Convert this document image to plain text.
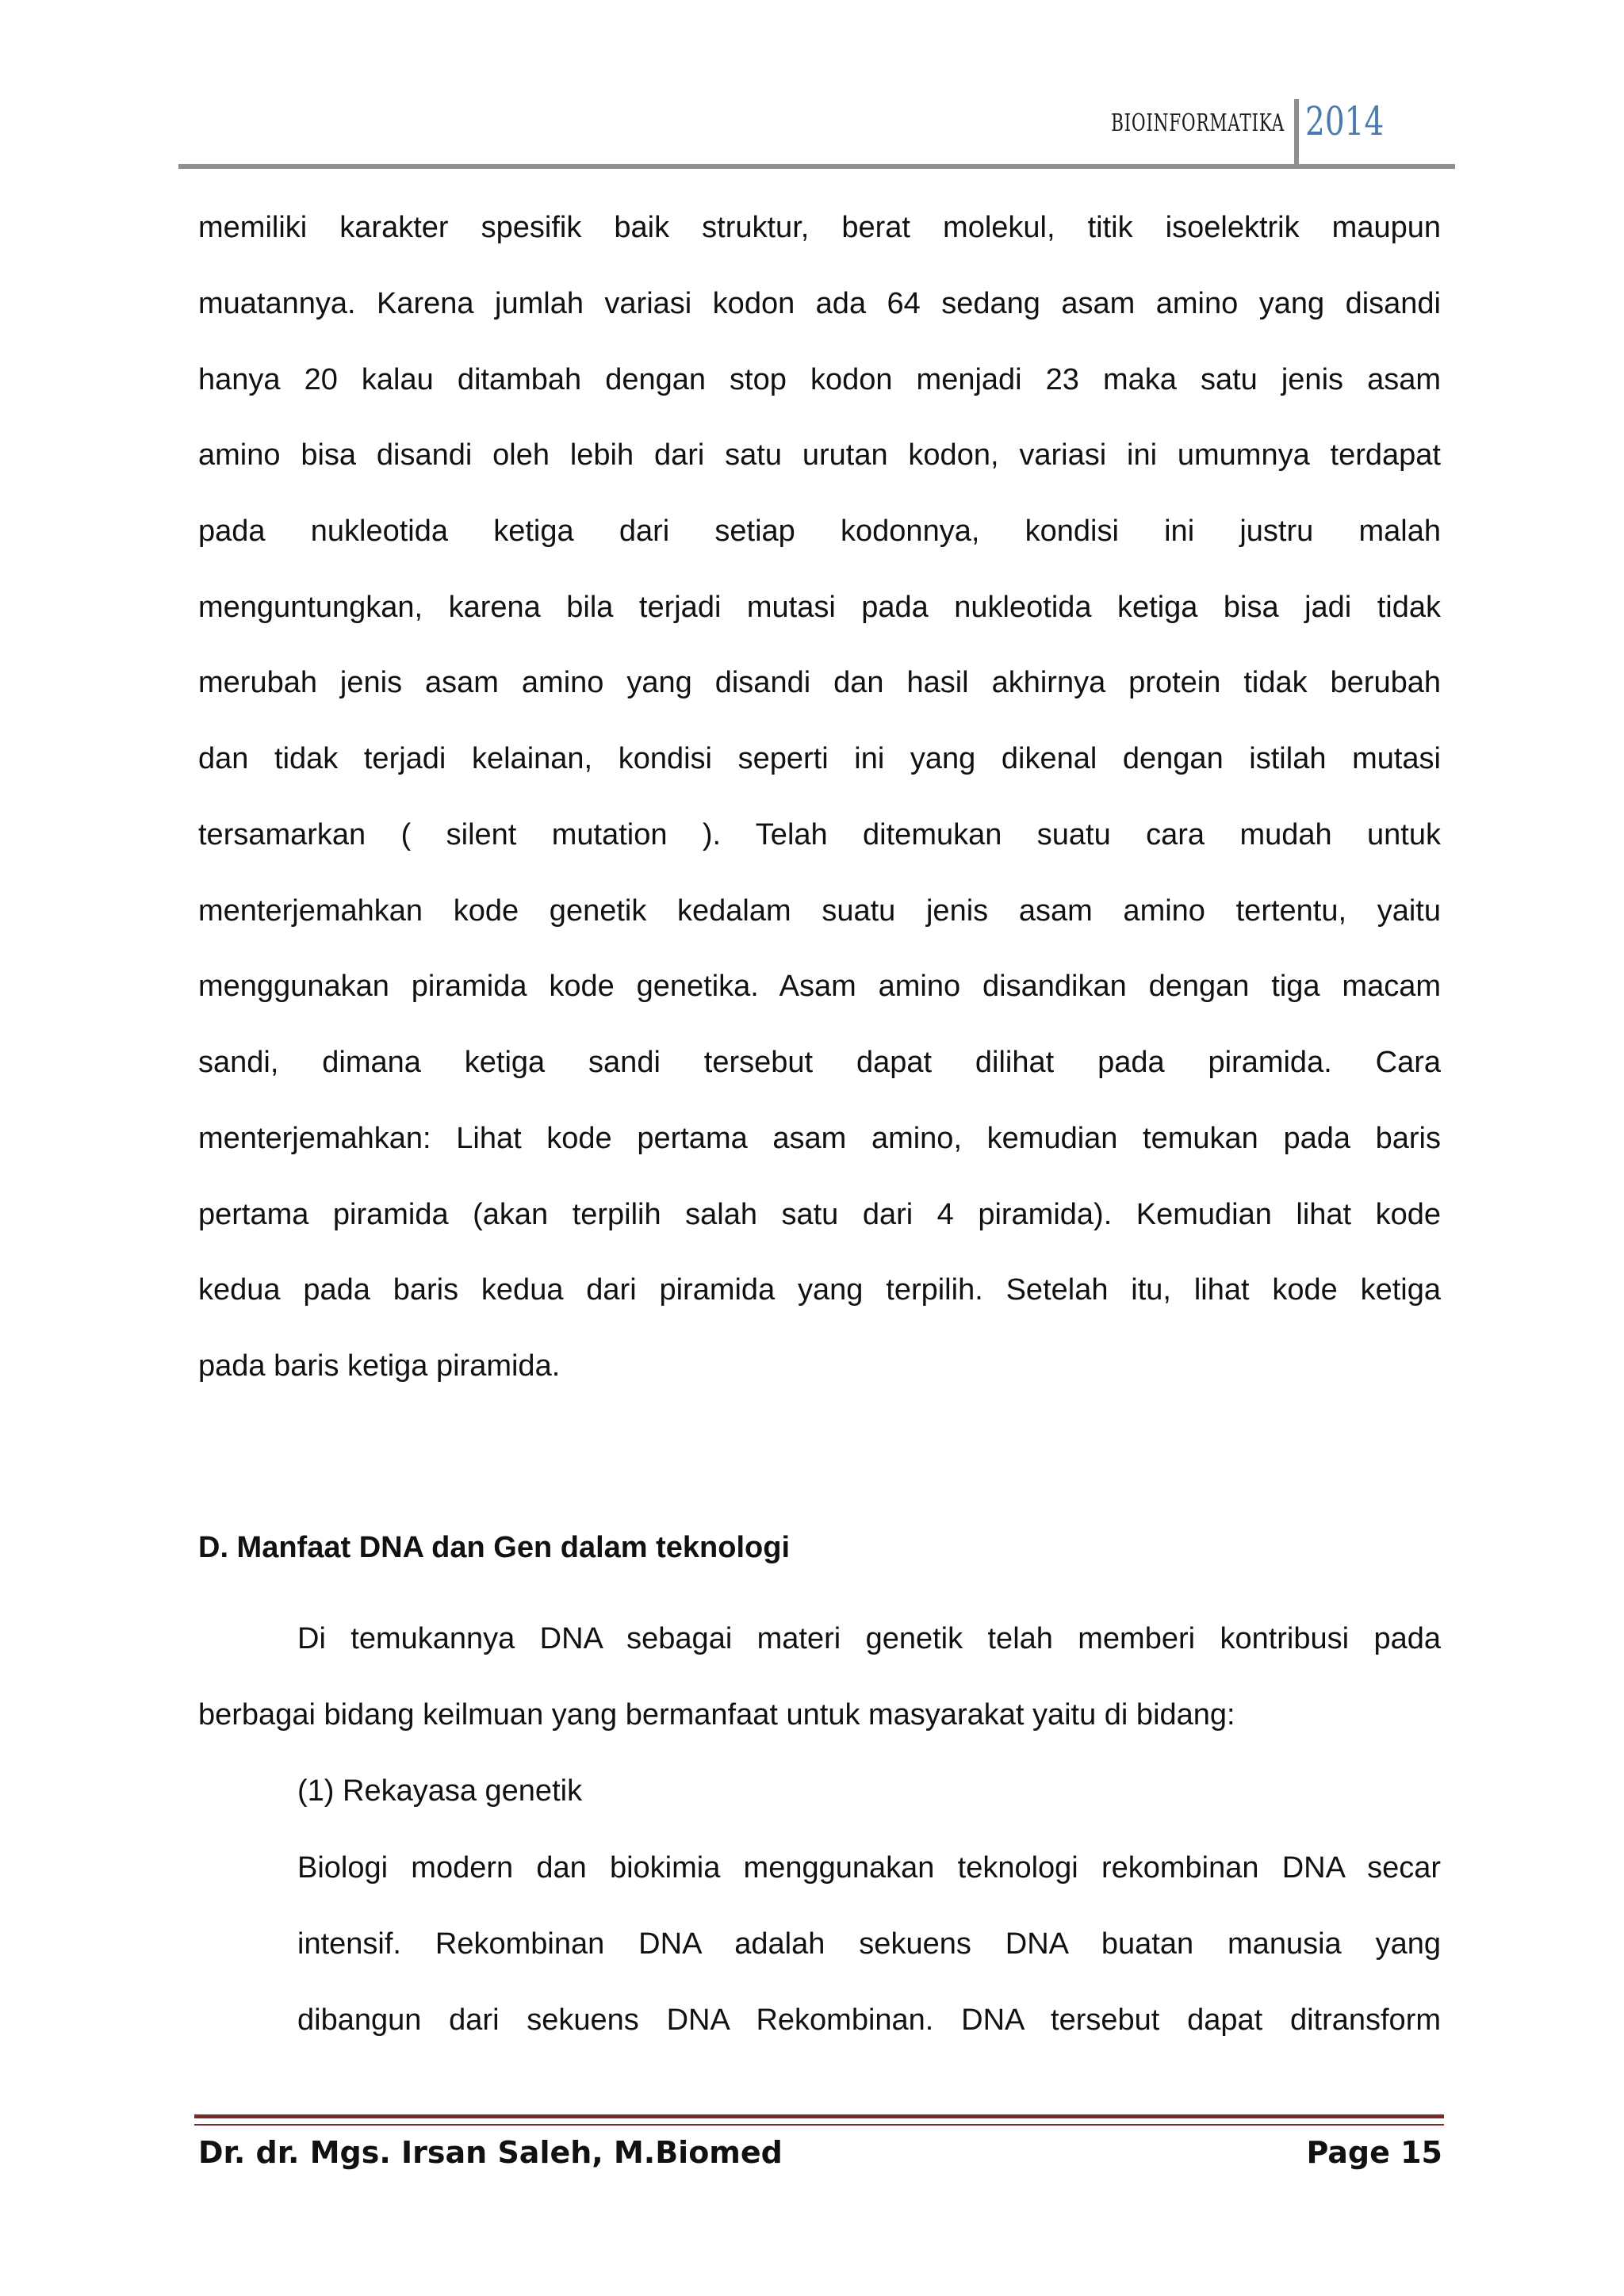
BIOINFORMATIKA 2014
memiliki karakter spesifik baik struktur, berat molekul, titik isoelektrik maupun
muatannya. Karena jumlah variasi kodon ada 64 sedang asam amino yang disandi
hanya 20 kalau ditambah dengan stop kodon menjadi 23 maka satu jenis asam
amino bisa disandi oleh lebih dari satu urutan kodon, variasi ini umumnya terdapat
pada nukleotida ketiga dari setiap kodonnya, kondisi ini justru malah
menguntungkan, karena bila terjadi mutasi pada nukleotida ketiga bisa jadi tidak
merubah jenis asam amino yang disandi dan hasil akhirnya protein tidak berubah
dan tidak terjadi kelainan, kondisi seperti ini yang dikenal dengan istilah mutasi
tersamarkan ( silent mutation ). Telah ditemukan suatu cara mudah untuk
menterjemahkan kode genetik kedalam suatu jenis asam amino tertentu, yaitu
menggunakan piramida kode genetika. Asam amino disandikan dengan tiga macam
sandi, dimana ketiga sandi tersebut dapat dilihat pada piramida. Cara
menterjemahkan: Lihat kode pertama asam amino, kemudian temukan pada baris
pertama piramida (akan terpilih salah satu dari 4 piramida). Kemudian lihat kode
kedua pada baris kedua dari piramida yang terpilih. Setelah itu, lihat kode ketiga
pada baris ketiga piramida.
Di temukannya DNA sebagai materi genetik telah memberi kontribusi pada
berbagai bidang keilmuan yang bermanfaat untuk masyarakat yaitu di bidang:
(1) Rekayasa genetik
Biologi modern dan biokimia menggunakan teknologi rekombinan DNA secar
intensif. Rekombinan DNA adalah sekuens DNA buatan manusia yang
dibangun dari sekuens DNA Rekombinan. DNA tersebut dapat ditransform
D. Manfaat DNA dan Gen dalam teknologi
Dr. dr. Mgs. Irsan Saleh, M.Biomed	Page 15
